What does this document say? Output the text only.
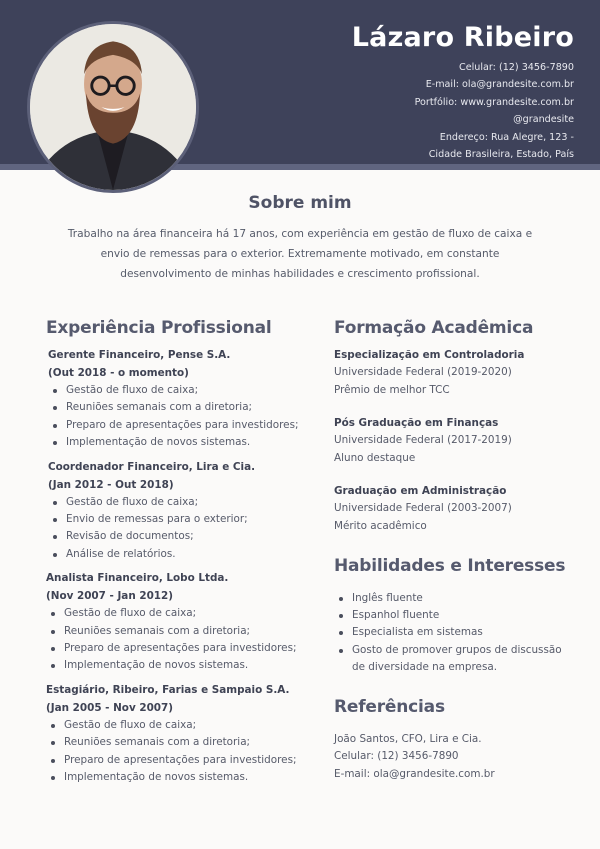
Lázaro Ribeiro
Celular: (12) 3456-7890
E-mail: ola@grandesite.com.br
Portfólio: www.grandesite.com.br
@grandesite
Endereço: Rua Alegre, 123 -
Cidade Brasileira, Estado, País
Sobre mim
Trabalho na área financeira há 17 anos, com experiência em gestão de fluxo de caixa e envio de remessas para o exterior. Extremamente motivado, em constante desenvolvimento de minhas habilidades e crescimento profissional.
Experiência Profissional
Gerente Financeiro, Pense S.A.
(Out 2018 - o momento)
Gestão de fluxo de caixa;
Reuniões semanais com a diretoria;
Preparo de apresentações para investidores;
Implementação de novos sistemas.
Coordenador Financeiro, Lira e Cia.
(Jan 2012 - Out 2018)
Gestão de fluxo de caixa;
Envio de remessas para o exterior;
Revisão de documentos;
Análise de relatórios.
Analista Financeiro, Lobo Ltda.
(Nov 2007 - Jan 2012)
Gestão de fluxo de caixa;
Reuniões semanais com a diretoria;
Preparo de apresentações para investidores;
Implementação de novos sistemas.
Estagiário, Ribeiro, Farias e Sampaio S.A.
(Jan 2005 - Nov 2007)
Gestão de fluxo de caixa;
Reuniões semanais com a diretoria;
Preparo de apresentações para investidores;
Implementação de novos sistemas.
Formação Acadêmica
Especialização em Controladoria
Universidade Federal (2019-2020)
Prêmio de melhor TCC
Pós Graduação em Finanças
Universidade Federal (2017-2019)
Aluno destaque
Graduação em Administração
Universidade Federal (2003-2007)
Mérito acadêmico
Habilidades e Interesses
Inglês fluente
Espanhol fluente
Especialista em sistemas
Gosto de promover grupos de discussão de diversidade na empresa.
Referências
João Santos, CFO, Lira e Cia.
Celular: (12) 3456-7890
E-mail: ola@grandesite.com.br
